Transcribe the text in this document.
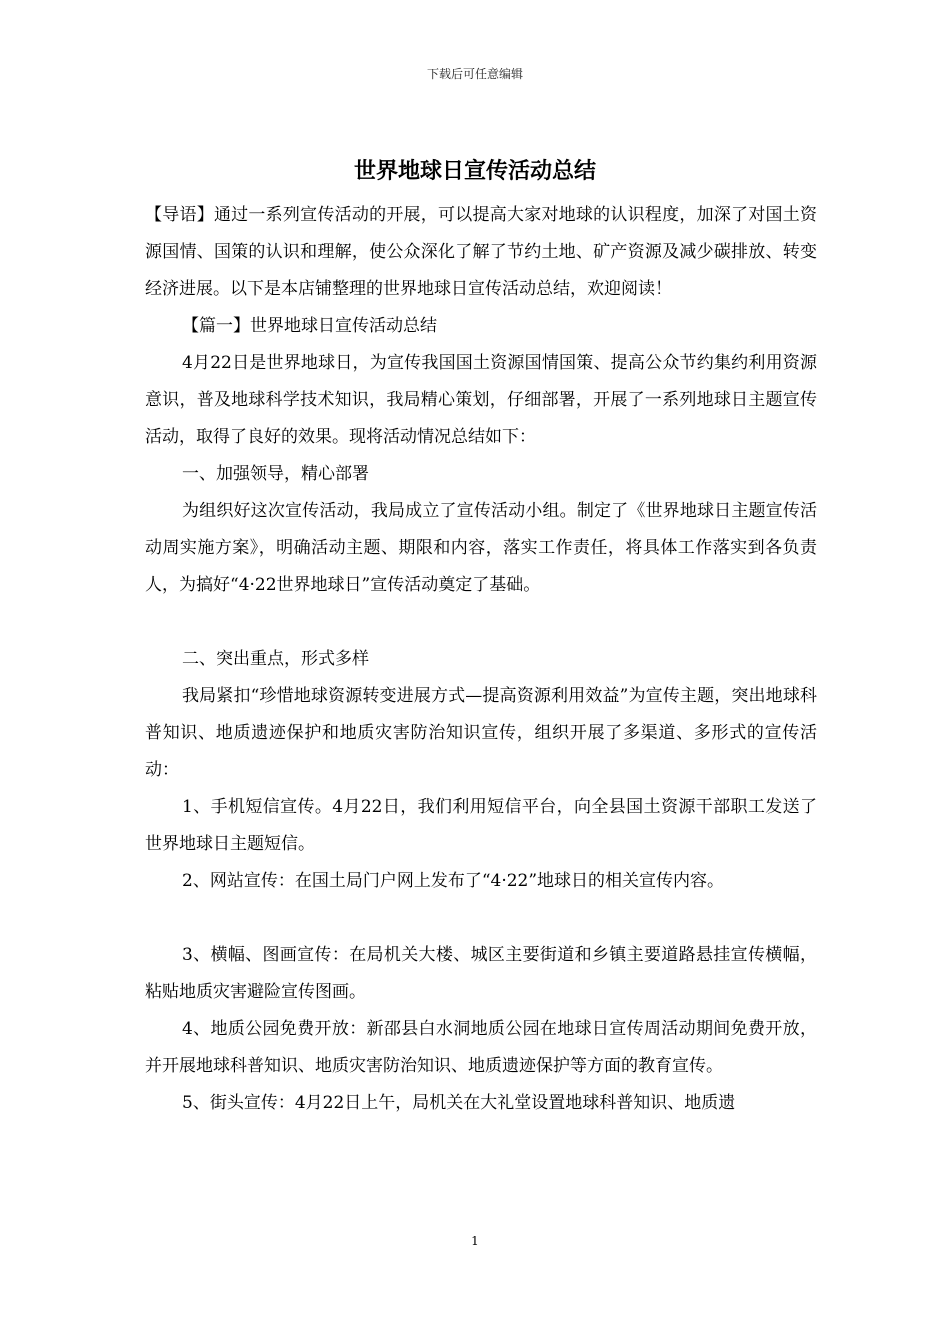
下载后可任意编辑
世界地球日宣传活动总结

【导语】通过一系列宣传活动的开展，可以提高大家对地球的认识程度，加深了对国土资源国情、国策的认识和理解，使公众深化了解了节约土地、矿产资源及减少碳排放、转变经济进展。以下是本店铺整理的世界地球日宣传活动总结，欢迎阅读！

【篇一】世界地球日宣传活动总结

4月22日是世界地球日，为宣传我国国土资源国情国策、提高公众节约集约利用资源意识，普及地球科学技术知识，我局精心策划，仔细部署，开展了一系列地球日主题宣传活动，取得了良好的效果。现将活动情况总结如下：

一、加强领导，精心部署

为组织好这次宣传活动，我局成立了宣传活动小组。制定了《世界地球日主题宣传活动周实施方案》，明确活动主题、期限和内容，落实工作责任，将具体工作落实到各负责人，为搞好“4·22世界地球日”宣传活动奠定了基础。

二、突出重点，形式多样

我局紧扣“珍惜地球资源转变进展方式—提高资源利用效益”为宣传主题，突出地球科普知识、地质遗迹保护和地质灾害防治知识宣传，组织开展了多渠道、多形式的宣传活动：

1、手机短信宣传。4月22日，我们利用短信平台，向全县国土资源干部职工发送了世界地球日主题短信。

2、网站宣传：在国土局门户网上发布了“4·22”地球日的相关宣传内容。

3、横幅、图画宣传：在局机关大楼、城区主要街道和乡镇主要道路悬挂宣传横幅，粘贴地质灾害避险宣传图画。

4、地质公园免费开放：新邵县白水洞地质公园在地球日宣传周活动期间免费开放，并开展地球科普知识、地质灾害防治知识、地质遗迹保护等方面的教育宣传。

5、街头宣传：4月22日上午，局机关在大礼堂设置地球科普知识、地质遗

1
